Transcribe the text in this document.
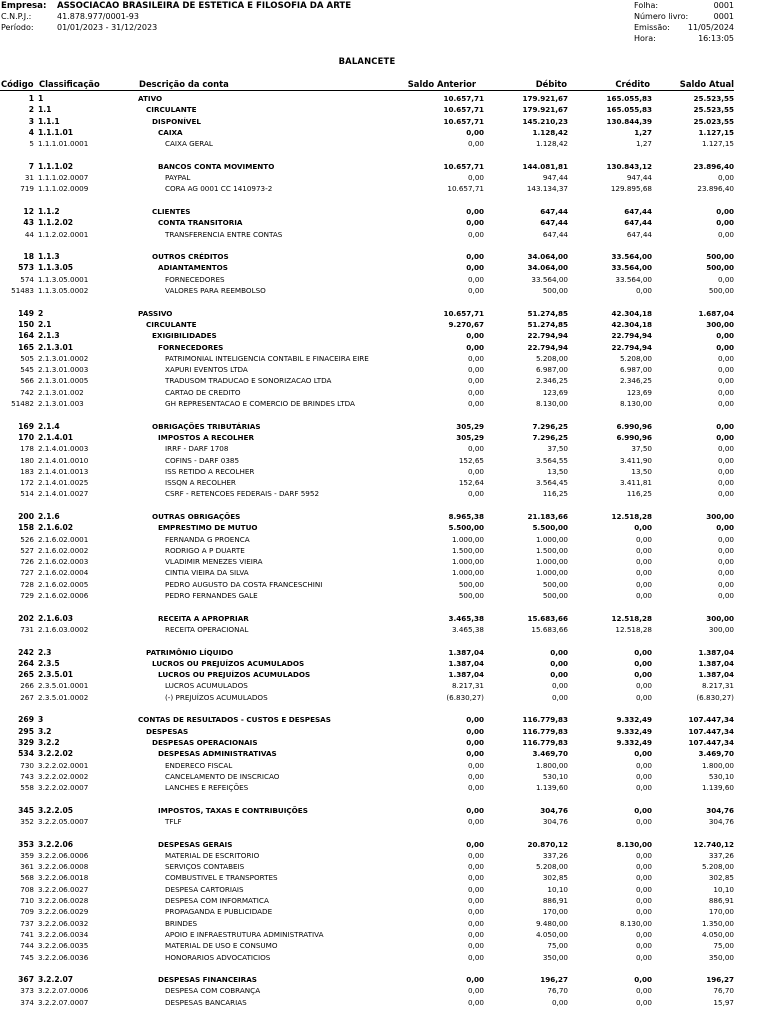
Empresa: ASSOCIACAO BRASILEIRA DE ESTETICA E FILOSOFIA DA ARTE
C.N.P.J.:	41.878.977/0001-93
Período:	01/01/2023 - 31/12/2023
Folha:	0001
Número livro:	0001
Emissão: 11/05/2024
Hora:	16:13:05
BALANCETE
Código Classificação	Descrição da conta	Saldo Anterior	Débito	Crédito	Saldo Atual
1	1	ATIVO	10.657,71	179.921,67	165.055,83	25.523,55
2	1.1	CIRCULANTE	10.657,71	179.921,67	165.055,83	25.523,55
3	1.1.1	DISPONÍVEL	10.657,71	145.210,23	130.844,39	25.023,55
4	1.1.1.01	CAIXA	0,00	1.128,42	1,27	1.127,15
5	1.1.1.01.0001	CAIXA GERAL	0,00	1.128,42	1,27	1.127,15

7	1.1.1.02	BANCOS CONTA MOVIMENTO	10.657,71	144.081,81	130.843,12	23.896,40
31	1.1.1.02.0007	PAYPAL	0,00	947,44	947,44	0,00
719	1.1.1.02.0009	CORA AG 0001 CC 1410973-2	10.657,71	143.134,37	129.895,68	23.896,40

12	1.1.2	CLIENTES	0,00	647,44	647,44	0,00
43	1.1.2.02	CONTA TRANSITORIA	0,00	647,44	647,44	0,00
44	1.1.2.02.0001	TRANSFERENCIA ENTRE CONTAS	0,00	647,44	647,44	0,00

18	1.1.3	OUTROS CRÉDITOS	0,00	34.064,00	33.564,00	500,00
573	1.1.3.05	ADIANTAMENTOS	0,00	34.064,00	33.564,00	500,00
574	1.1.3.05.0001	FORNECEDORES	0,00	33.564,00	33.564,00	0,00
51483	1.1.3.05.0002	VALORES PARA REEMBOLSO	0,00	500,00	0,00	500,00

149	2	PASSIVO	10.657,71	51.274,85	42.304,18	1.687,04
150	2.1	CIRCULANTE	9.270,67	51.274,85	42.304,18	300,00
164	2.1.3	EXIGIBILIDADES	0,00	22.794,94	22.794,94	0,00
165	2.1.3.01	FORNECEDORES	0,00	22.794,94	22.794,94	0,00
505	2.1.3.01.0002	PATRIMONIAL INTELIGENCIA CONTABIL E FINACEIRA EIRE	0,00	5.208,00	5.208,00	0,00
545	2.1.3.01.0003	XAPURI EVENTOS LTDA	0,00	6.987,00	6.987,00	0,00
566	2.1.3.01.0005	TRADUSOM TRADUCAO E SONORIZACAO LTDA	0,00	2.346,25	2.346,25	0,00
742	2.1.3.01.002	CARTAO DE CREDITO	0,00	123,69	123,69	0,00
51482	2.1.3.01.003	GH REPRESENTACAO E COMERCIO DE BRINDES LTDA	0,00	8.130,00	8.130,00	0,00

169	2.1.4	OBRIGAÇÕES TRIBUTÁRIAS	305,29	7.296,25	6.990,96	0,00
170	2.1.4.01	IMPOSTOS A RECOLHER	305,29	7.296,25	6.990,96	0,00
178	2.1.4.01.0003	IRRF - DARF 1708	0,00	37,50	37,50	0,00
180	2.1.4.01.0010	COFINS - DARF 0385	152,65	3.564,55	3.411,90	0,00
183	2.1.4.01.0013	ISS RETIDO A RECOLHER	0,00	13,50	13,50	0,00
172	2.1.4.01.0025	ISSQN A RECOLHER	152,64	3.564,45	3.411,81	0,00
514	2.1.4.01.0027	CSRF - RETENCOES FEDERAIS - DARF 5952	0,00	116,25	116,25	0,00

200	2.1.6	OUTRAS OBRIGAÇÕES	8.965,38	21.183,66	12.518,28	300,00
158	2.1.6.02	EMPRESTIMO DE MUTUO	5.500,00	5.500,00	0,00	0,00
526	2.1.6.02.0001	FERNANDA G PROENCA	1.000,00	1.000,00	0,00	0,00
527	2.1.6.02.0002	RODRIGO A P DUARTE	1.500,00	1.500,00	0,00	0,00
726	2.1.6.02.0003	VLADIMIR MENEZES VIEIRA	1.000,00	1.000,00	0,00	0,00
727	2.1.6.02.0004	CINTIA VIEIRA DA SILVA	1.000,00	1.000,00	0,00	0,00
728	2.1.6.02.0005	PEDRO AUGUSTO DA COSTA FRANCESCHINI	500,00	500,00	0,00	0,00
729	2.1.6.02.0006	PEDRO FERNANDES GALE	500,00	500,00	0,00	0,00

202	2.1.6.03	RECEITA A APROPRIAR	3.465,38	15.683,66	12.518,28	300,00
731	2.1.6.03.0002	RECEITA OPERACIONAL	3.465,38	15.683,66	12.518,28	300,00

242	2.3	PATRIMÔNIO LÍQUIDO	1.387,04	0,00	0,00	1.387,04
264	2.3.5	LUCROS OU PREJUÍZOS ACUMULADOS	1.387,04	0,00	0,00	1.387,04
265	2.3.5.01	LUCROS OU PREJUÍZOS ACUMULADOS	1.387,04	0,00	0,00	1.387,04
266	2.3.5.01.0001	LUCROS ACUMULADOS	8.217,31	0,00	0,00	8.217,31
267	2.3.5.01.0002	(-) PREJUÍZOS ACUMULADOS	(6.830,27)	0,00	0,00	(6.830,27)

269	3	CONTAS DE RESULTADOS - CUSTOS E DESPESAS	0,00	116.779,83	9.332,49	107.447,34
295	3.2	DESPESAS	0,00	116.779,83	9.332,49	107.447,34
329	3.2.2	DESPESAS OPERACIONAIS	0,00	116.779,83	9.332,49	107.447,34
534	3.2.2.02	DESPESAS ADMINISTRATIVAS	0,00	3.469,70	0,00	3.469,70
730	3.2.2.02.0001	ENDERECO FISCAL	0,00	1.800,00	0,00	1.800,00
743	3.2.2.02.0002	CANCELAMENTO DE INSCRICAO	0,00	530,10	0,00	530,10
558	3.2.2.02.0007	LANCHES E REFEIÇÕES	0,00	1.139,60	0,00	1.139,60

345	3.2.2.05	IMPOSTOS, TAXAS E CONTRIBUIÇÕES	0,00	304,76	0,00	304,76
352	3.2.2.05.0007	TFLF	0,00	304,76	0,00	304,76

353	3.2.2.06	DESPESAS GERAIS	0,00	20.870,12	8.130,00	12.740,12
359	3.2.2.06.0006	MATERIAL DE ESCRITORIO	0,00	337,26	0,00	337,26
361	3.2.2.06.0008	SERVIÇOS CONTABEIS	0,00	5.208,00	0,00	5.208,00
568	3.2.2.06.0018	COMBUSTIVEL E TRANSPORTES	0,00	302,85	0,00	302,85
708	3.2.2.06.0027	DESPESA CARTORIAIS	0,00	10,10	0,00	10,10
710	3.2.2.06.0028	DESPESA COM INFORMATICA	0,00	886,91	0,00	886,91
709	3.2.2.06.0029	PROPAGANDA E PUBLICIDADE	0,00	170,00	0,00	170,00
737	3.2.2.06.0032	BRINDES	0,00	9.480,00	8.130,00	1.350,00
741	3.2.2.06.0034	APOIO E INFRAESTRUTURA ADMINISTRATIVA	0,00	4.050,00	0,00	4.050,00
744	3.2.2.06.0035	MATERIAL DE USO E CONSUMO	0,00	75,00	0,00	75,00
745	3.2.2.06.0036	HONORARIOS ADVOCATICIOS	0,00	350,00	0,00	350,00

367	3.2.2.07	DESPESAS FINANCEIRAS	0,00	196,27	0,00	196,27
373	3.2.2.07.0006	DESPESA COM COBRANÇA	0,00	76,70	0,00	76,70
374	3.2.2.07.0007	DESPESAS BANCARIAS	0,00	0,00	0,00	15,97
